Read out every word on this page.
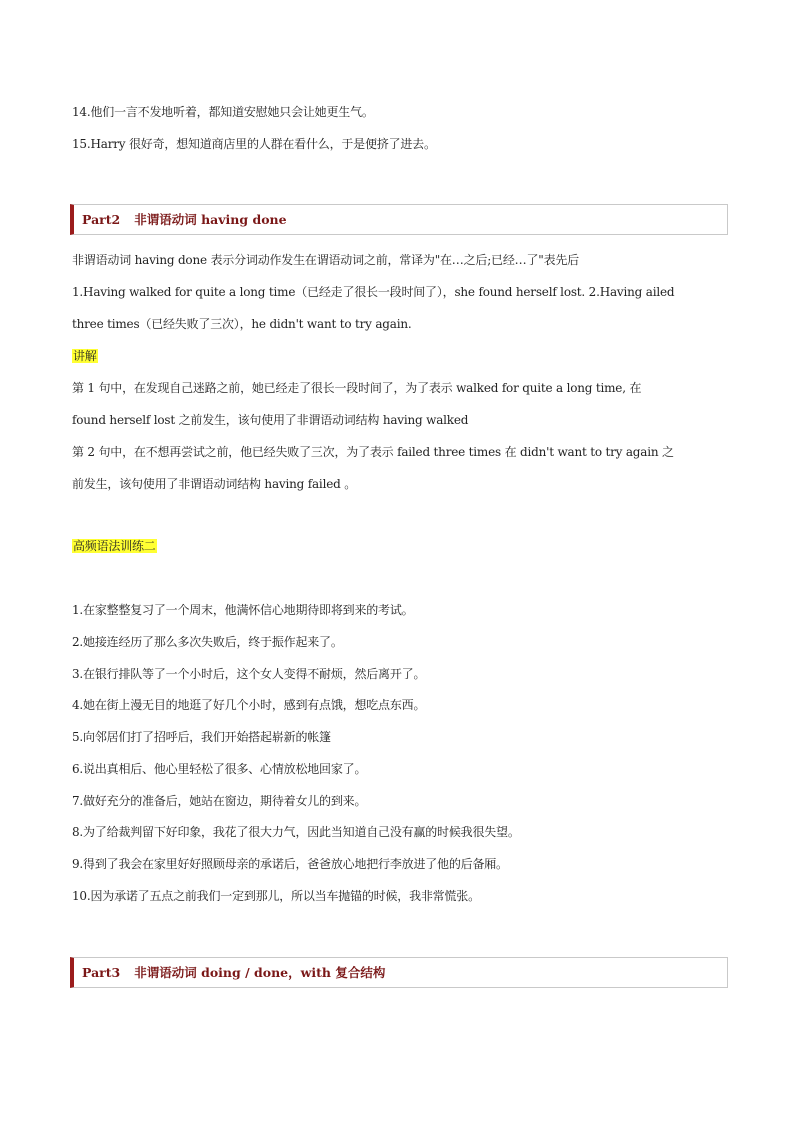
14.他们一言不发地听着，都知道安慰她只会让她更生气。
15.Harry 很好奇，想知道商店里的人群在看什么，于是便挤了进去。
Part2 非谓语动词 having done
非谓语动词 having done 表示分词动作发生在谓语动词之前，常译为"在…之后;已经…了"表先后
1.Having walked for quite a long time（已经走了很长一段时间了），she found herself lost. 2.Having ailed
three times（已经失败了三次），he didn't want to try again.
讲解
第 1 句中，在发现自己迷路之前，她已经走了很长一段时间了，为了表示 walked for quite a long time, 在
found herself lost 之前发生，该句使用了非谓语动词结构 having walked
第 2 句中，在不想再尝试之前，他已经失败了三次，为了表示 failed three times 在 didn't want to try again 之
前发生，该句使用了非谓语动词结构 having failed 。
高频语法训练二
1.在家整整复习了一个周末，他满怀信心地期待即将到来的考试。
2.她接连经历了那么多次失败后，终于振作起来了。
3.在银行排队等了一个小时后，这个女人变得不耐烦，然后离开了。
4.她在街上漫无目的地逛了好几个小时，感到有点饿，想吃点东西。
5.向邻居们打了招呼后，我们开始搭起崭新的帐篷
6.说出真相后、他心里轻松了很多、心情放松地回家了。
7.做好充分的准备后，她站在窗边，期待着女儿的到来。
8.为了给裁判留下好印象，我花了很大力气，因此当知道自己没有赢的时候我很失望。
9.得到了我会在家里好好照顾母亲的承诺后，爸爸放心地把行李放进了他的后备厢。
10.因为承诺了五点之前我们一定到那儿，所以当车抛锚的时候，我非常慌张。
Part3 非谓语动词 doing / done，with 复合结构
